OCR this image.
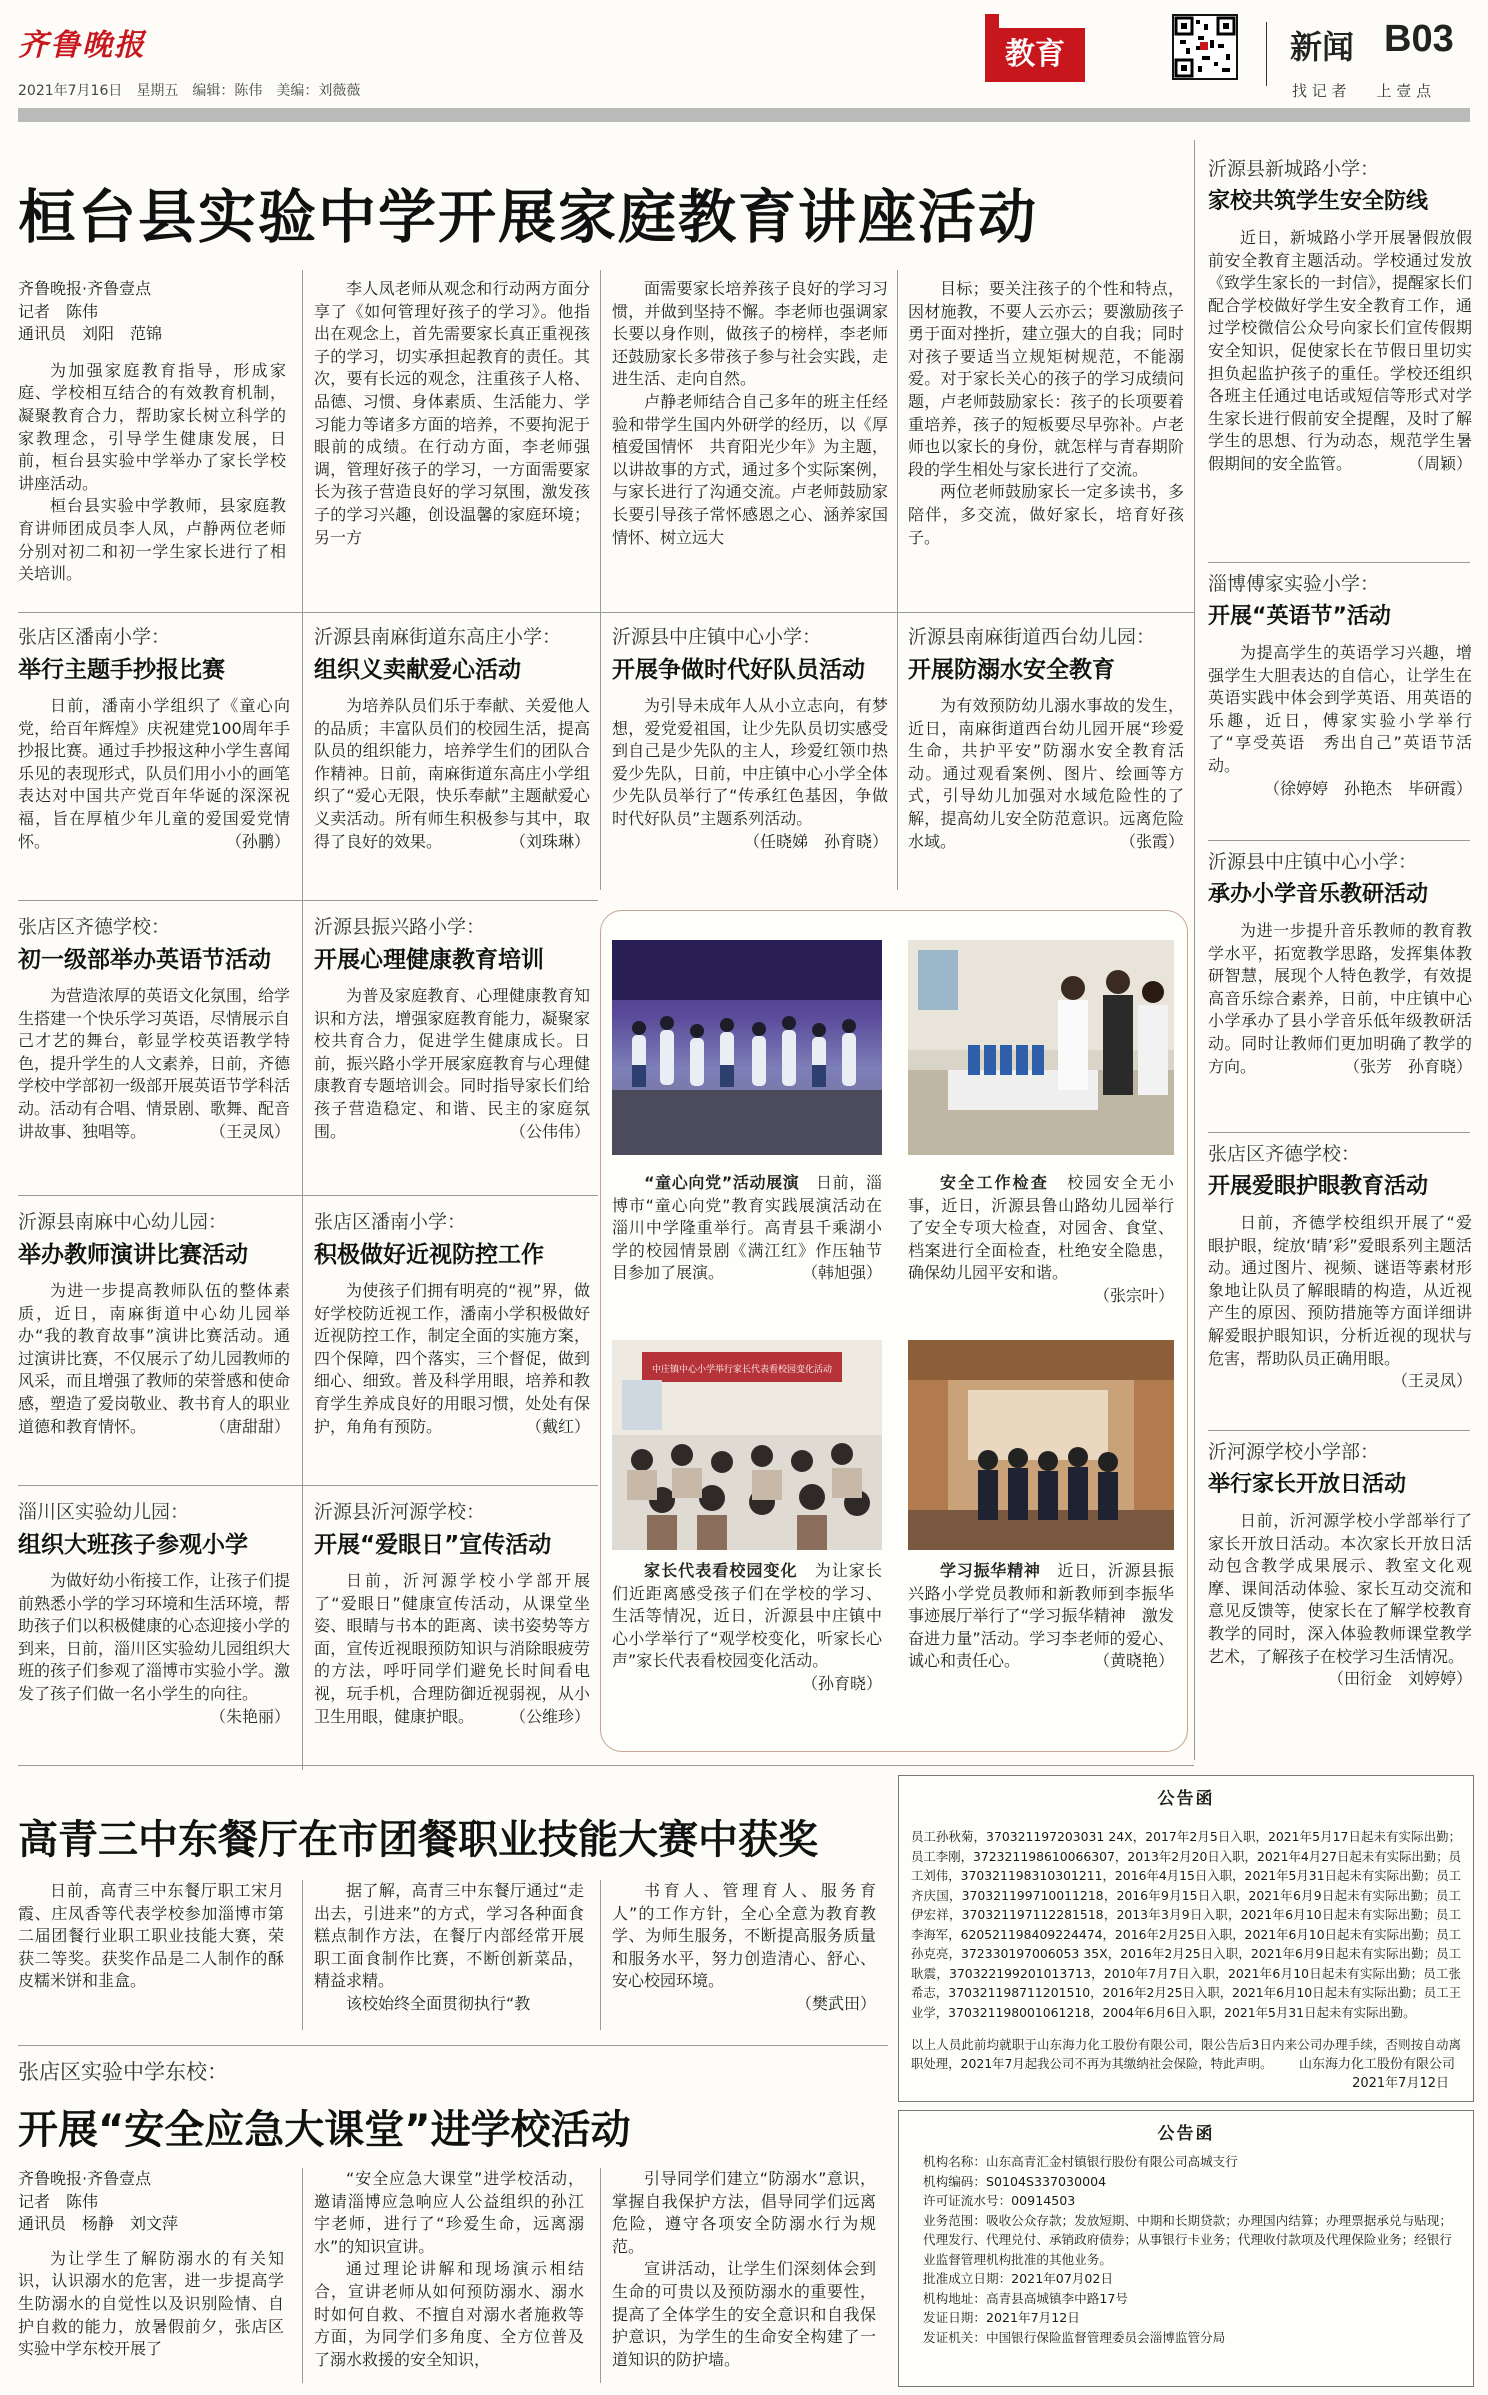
齐鲁晚报
2021年7月16日　星期五　编辑：陈伟　美编：刘薇薇
教育	新闻 B03
找 记 者　　上 壹 点
桓台县实验中学开展家庭教育讲座活动

齐鲁晚报·齐鲁壹点

记者　陈伟

通讯员　刘阳　范锦

为加强家庭教育指导，形成家庭、学校相互结合的有效教育机制，凝聚教育合力，帮助家长树立科学的家教理念，引导学生健康发展，日前，桓台县实验中学举办了家长学校讲座活动。

桓台县实验中学教师，县家庭教育讲师团成员李人凤，卢静两位老师分别对初二和初一学生家长进行了相关培训。

李人凤老师从观念和行动两方面分享了《如何管理好孩子的学习》。他指出在观念上，首先需要家长真正重视孩子的学习，切实承担起教育的责任。其次，要有长远的观念，注重孩子人格、品德、习惯、身体素质、生活能力、学习能力等诸多方面的培养，不要拘泥于眼前的成绩。在行动方面，李老师强调，管理好孩子的学习，一方面需要家长为孩子营造良好的学习氛围，激发孩子的学习兴趣，创设温馨的家庭环境；另一方

面需要家长培养孩子良好的学习习惯，并做到坚持不懈。李老师也强调家长要以身作则，做孩子的榜样，李老师还鼓励家长多带孩子参与社会实践，走进生活、走向自然。

卢静老师结合自己多年的班主任经验和带学生国内外研学的经历，以《厚植爱国情怀　共育阳光少年》为主题，以讲故事的方式，通过多个实际案例，与家长进行了沟通交流。卢老师鼓励家长要引导孩子常怀感恩之心、涵养家国情怀、树立远大

目标；要关注孩子的个性和特点，因材施教，不要人云亦云；要激励孩子勇于面对挫折，建立强大的自我；同时对孩子要适当立规矩树规范，不能溺爱。对于家长关心的孩子的学习成绩问题，卢老师鼓励家长：孩子的长项要着重培养，孩子的短板要尽早弥补。卢老师也以家长的身份，就怎样与青春期阶段的学生相处与家长进行了交流。

两位老师鼓励家长一定多读书，多陪伴，多交流，做好家长，培育好孩子。

张店区潘南小学：
举行主题手抄报比赛

日前，潘南小学组织了《童心向党，给百年辉煌》庆祝建党100周年手抄报比赛。通过手抄报这种小学生喜闻乐见的表现形式，队员们用小小的画笔表达对中国共产党百年华诞的深深祝福，旨在厚植少年儿童的爱国爱党情怀。	（孙鹏）

沂源县南麻街道东高庄小学：
组织义卖献爱心活动

为培养队员们乐于奉献、关爱他人的品质；丰富队员们的校园生活，提高队员的组织能力，培养学生们的团队合作精神。日前，南麻街道东高庄小学组织了“爱心无限，快乐奉献”主题献爱心义卖活动。所有师生积极参与其中，取得了良好的效果。	（刘珠琳）

沂源县中庄镇中心小学：
开展争做时代好队员活动

为引导未成年人从小立志向，有梦想，爱党爱祖国，让少先队员切实感受到自己是少先队的主人，珍爱红领巾热爱少先队，日前，中庄镇中心小学全体少先队员举行了“传承红色基因，争做时代好队员”主题系列活动。
（任晓娣　孙育晓）

沂源县南麻街道西台幼儿园：
开展防溺水安全教育

为有效预防幼儿溺水事故的发生，近日，南麻街道西台幼儿园开展“珍爱生命，共护平安”防溺水安全教育活动。通过观看案例、图片、绘画等方式，引导幼儿加强对水域危险性的了解，提高幼儿安全防范意识。远离危险水域。	（张霞）

张店区齐德学校：
初一级部举办英语节活动

为营造浓厚的英语文化氛围，给学生搭建一个快乐学习英语，尽情展示自己才艺的舞台，彰显学校英语教学特色，提升学生的人文素养，日前，齐德学校中学部初一级部开展英语节学科活动。活动有合唱、情景剧、歌舞、配音讲故事、独唱等。	（王灵凤）

沂源县振兴路小学：
开展心理健康教育培训

为普及家庭教育、心理健康教育知识和方法，增强家庭教育能力，凝聚家校共育合力，促进学生健康成长。日前，振兴路小学开展家庭教育与心理健康教育专题培训会。同时指导家长们给孩子营造稳定、和谐、民主的家庭氛围。	（公伟伟）

沂源县南麻中心幼儿园：
举办教师演讲比赛活动

为进一步提高教师队伍的整体素质，近日，南麻街道中心幼儿园举办“我的教育故事”演讲比赛活动。通过演讲比赛，不仅展示了幼儿园教师的风采，而且增强了教师的荣誉感和使命感，塑造了爱岗敬业、教书育人的职业道德和教育情怀。	（唐甜甜）

张店区潘南小学：
积极做好近视防控工作

为使孩子们拥有明亮的“视”界，做好学校防近视工作，潘南小学积极做好近视防控工作，制定全面的实施方案，四个保障，四个落实，三个督促，做到细心、细致。普及科学用眼，培养和教育学生养成良好的用眼习惯，处处有保护，角角有预防。	（戴红）

淄川区实验幼儿园：
组织大班孩子参观小学

为做好幼小衔接工作，让孩子们提前熟悉小学的学习环境和生活环境，帮助孩子们以积极健康的心态迎接小学的到来，日前，淄川区实验幼儿园组织大班的孩子们参观了淄博市实验小学。激发了孩子们做一名小学生的向往。
（朱艳丽）

沂源县沂河源学校：
开展“爱眼日”宣传活动

日前，沂河源学校小学部开展了“爱眼日”健康宣传活动，从课堂坐姿、眼睛与书本的距离、读书姿势等方面，宣传近视眼预防知识与消除眼疲劳的方法，呼吁同学们避免长时间看电视，玩手机，合理防御近视弱视，从小卫生用眼，健康护眼。	（公维珍）

“童心向党”活动展演　 日前，淄博市“童心向党”教育实践展演活动在淄川中学隆重举行。高青县千乘湖小学的校园情景剧《满江红》作压轴节目参加了展演。	（韩旭强）

安全工作检查　 校园安全无小事，近日，沂源县鲁山路幼儿园举行了安全专项大检查，对园舍、食堂、档案进行全面检查，杜绝安全隐患，确保幼儿园平安和谐。
（张宗叶）

中庄镇中心小学举行家长代表看校园变化活动

家长代表看校园变化　 为让家长们近距离感受孩子们在学校的学习、生活等情况，近日，沂源县中庄镇中心小学举行了“观学校变化，听家长心声”家长代表看校园变化活动。
（孙育晓）

学习振华精神　 近日，沂源县振兴路小学党员教师和新教师到李振华事迹展厅举行了“学习振华精神　激发奋进力量”活动。学习李老师的爱心、诚心和责任心。	（黄晓艳）

沂源县新城路小学：
家校共筑学生安全防线

近日，新城路小学开展暑假放假前安全教育主题活动。学校通过发放《致学生家长的一封信》，提醒家长们配合学校做好学生安全教育工作，通过学校微信公众号向家长们宣传假期安全知识，促使家长在节假日里切实担负起监护孩子的重任。学校还组织各班主任通过电话或短信等形式对学生家长进行假前安全提醒，及时了解学生的思想、行为动态，规范学生暑假期间的安全监管。	（周颖）

淄博傅家实验小学：
开展“英语节”活动

为提高学生的英语学习兴趣，增强学生大胆表达的自信心，让学生在英语实践中体会到学英语、用英语的乐趣，近日，傅家实验小学举行了“享受英语　秀出自己”英语节活动。
（徐婷婷　孙艳杰　毕研霞）

沂源县中庄镇中心小学：
承办小学音乐教研活动

为进一步提升音乐教师的教育教学水平，拓宽教学思路，发挥集体教研智慧，展现个人特色教学，有效提高音乐综合素养，日前，中庄镇中心小学承办了县小学音乐低年级教研活动。同时让教师们更加明确了教学的方向。	（张芳　孙育晓）

张店区齐德学校：
开展爱眼护眼教育活动

日前，齐德学校组织开展了“爱眼护眼，绽放‘睛’彩”爱眼系列主题活动。通过图片、视频、谜语等素材形象地让队员了解眼睛的构造，从近视产生的原因、预防措施等方面详细讲解爱眼护眼知识，分析近视的现状与危害，帮助队员正确用眼。
（王灵凤）

沂河源学校小学部：
举行家长开放日活动

日前，沂河源学校小学部举行了家长开放日活动。本次家长开放日活动包含教学成果展示、教室文化观摩、课间活动体验、家长互动交流和意见反馈等，使家长在了解学校教育教学的同时，深入体验教师课堂教学艺术，了解孩子在校学习生活情况。
（田衍金　刘婷婷）

高青三中东餐厅在市团餐职业技能大赛中获奖

日前，高青三中东餐厅职工宋月霞、庄凤香等代表学校参加淄博市第二届团餐行业职工职业技能大赛，荣获二等奖。获奖作品是二人制作的酥皮糯米饼和韭盒。

据了解，高青三中东餐厅通过“走出去，引进来”的方式，学习各种面食糕点制作方法，在餐厅内部经常开展职工面食制作比赛，不断创新菜品，精益求精。

该校始终全面贯彻执行“教

书育人、管理育人、服务育人”的工作方针，全心全意为教育教学、为师生服务，不断提高服务质量和服务水平，努力创造清心、舒心、安心校园环境。

（樊武田）

张店区实验中学东校：
开展“安全应急大课堂”进学校活动

齐鲁晚报·齐鲁壹点

记者　陈伟

通讯员　杨静　刘文萍

为让学生了解防溺水的有关知识，认识溺水的危害，进一步提高学生防溺水的自觉性以及识别险情、自护自救的能力，放暑假前夕，张店区实验中学东校开展了

“安全应急大课堂”进学校活动，邀请淄博应急响应人公益组织的孙江宇老师，进行了“珍爱生命，远离溺水”的知识宣讲。

通过理论讲解和现场演示相结合，宣讲老师从如何预防溺水、溺水时如何自救、不擅自对溺水者施救等方面，为同学们多角度、全方位普及了溺水救援的安全知识，

引导同学们建立“防溺水”意识，掌握自我保护方法，倡导同学们远离危险，遵守各项安全防溺水行为规范。

宣讲活动，让学生们深刻体会到生命的可贵以及预防溺水的重要性，提高了全体学生的安全意识和自我保护意识，为学生的生命安全构建了一道知识的防护墙。

公告函

员工孙秋菊，370321197203031 24X，2017年2月5日入职，2021年5月17日起未有实际出勤；员工李刚，372321198610066307，2013年2月20日入职，2021年4月27日起未有实际出勤；员工刘伟，370321198310301211，2016年4月15日入职，2021年5月31日起未有实际出勤；员工齐庆国，370321199710011218，2016年9月15日入职，2021年6月9日起未有实际出勤；员工伊宏祥，370321197112281518，2013年3月9日入职，2021年6月10日起未有实际出勤；员工李海军，620521198409224474，2016年2月25日入职，2021年6月10日起未有实际出勤；员工孙克亮，372330197006053 35X，2016年2月25日入职，2021年6月9日起未有实际出勤；员工耿震，370322199201013713，2010年7月7日入职，2021年6月10日起未有实际出勤；员工张希志，370321198711201510，2016年2月25日入职，2021年6月10日起未有实际出勤；员工王业学，370321198001061218，2004年6月6日入职，2021年5月31日起未有实际出勤。

以上人员此前均就职于山东海力化工股份有限公司，限公告后3日内来公司办理手续，否则按自动离职处理，2021年7月起我公司不再为其缴纳社会保险，特此声明。	山东海力化工股份有限公司
2021年7月12日
公告函
机构名称：山东高青汇金村镇银行股份有限公司高城支行
机构编码：S0104S337030004
许可证流水号：00914503
业务范围：吸收公众存款；发放短期、中期和长期贷款；办理国内结算；办理票据承兑与贴现；代理发行、代理兑付、承销政府债券；从事银行卡业务；代理收付款项及代理保险业务；经银行业监督管理机构批准的其他业务。
批准成立日期：2021年07月02日
机构地址：高青县高城镇李中路17号
发证日期：2021年7月12日
发证机关：中国银行保险监督管理委员会淄博监管分局
